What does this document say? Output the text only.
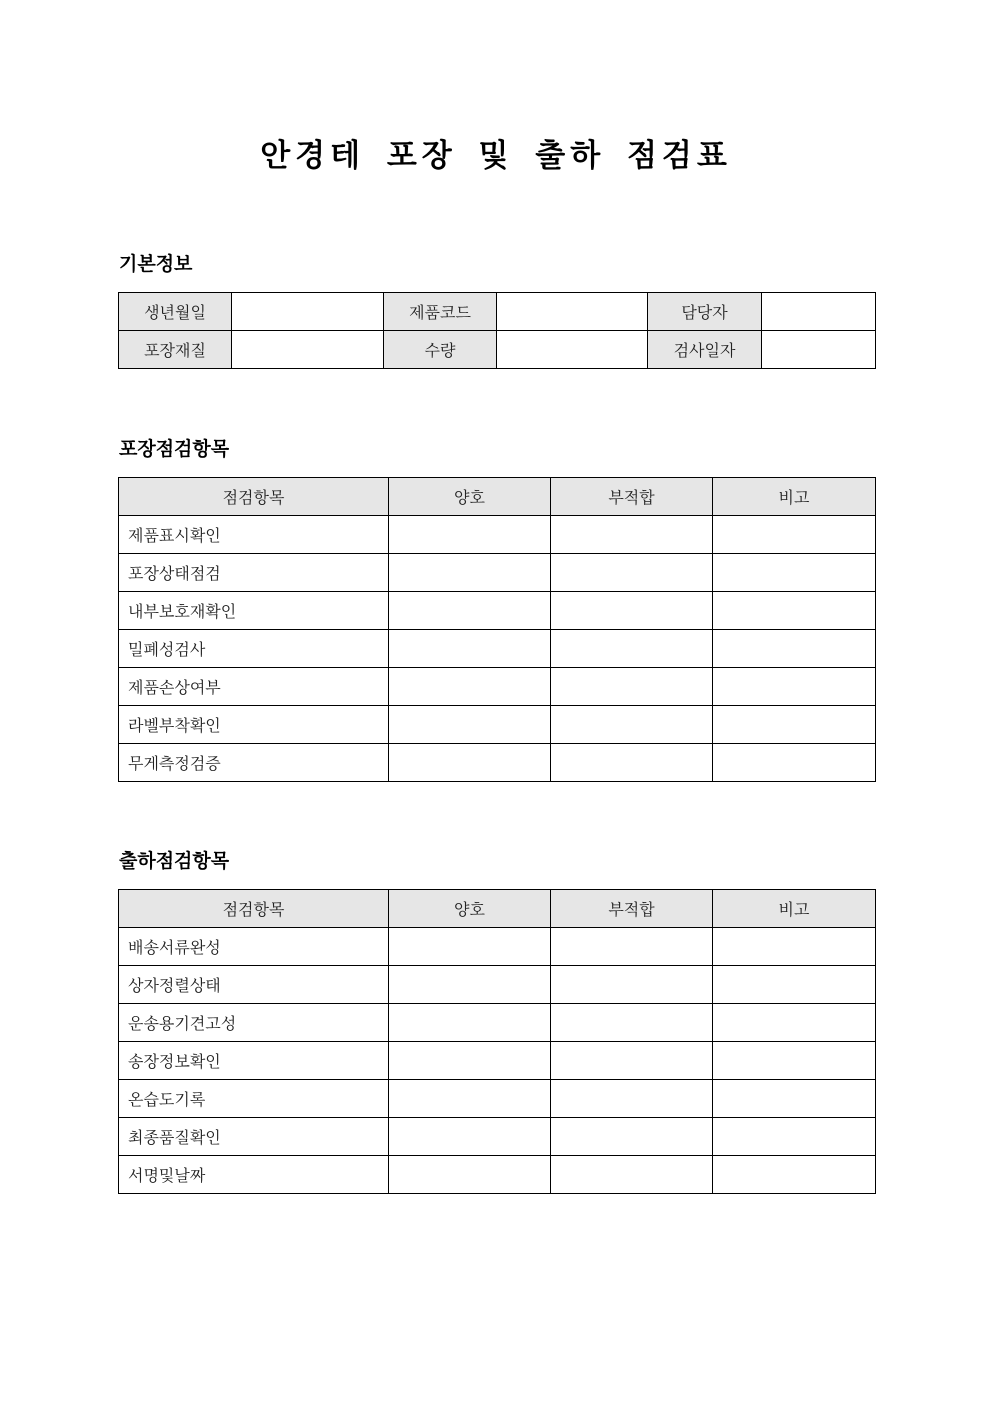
안경테 포장 및 출하 점검표
기본정보
생년월일		제품코드		담당자	
포장재질		수량		검사일자	
포장점검항목
점검항목	양호	부적합	비고
제품표시확인			
포장상태점검			
내부보호재확인			
밀폐성검사			
제품손상여부			
라벨부착확인			
무게측정검증			
출하점검항목
점검항목	양호	부적합	비고
배송서류완성			
상자정렬상태			
운송용기견고성			
송장정보확인			
온습도기록			
최종품질확인			
서명및날짜			
